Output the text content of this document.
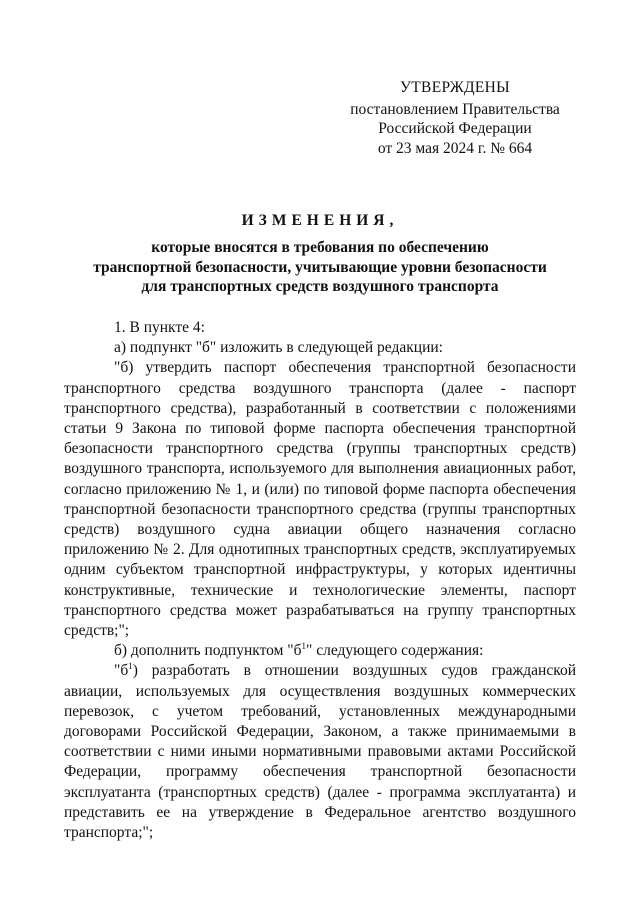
УТВЕРЖДЕНЫ
постановлением Правительства
Российской Федерации
от 23 мая 2024 г. № 664
ИЗМЕНЕНИЯ,
которые вносятся в требования по обеспечению
транспортной безопасности, учитывающие уровни безопасности
для транспортных средств воздушного транспорта

1. В пункте 4:

а) подпункт "б" изложить в следующей редакции:

"б) утвердить паспорт обеспечения транспортной безопасности транспортного средства воздушного транспорта (далее - паспорт транспортного средства), разработанный в соответствии с положениями статьи 9 Закона по типовой форме паспорта обеспечения транспортной безопасности транспортного средства (группы транспортных средств) воздушного транспорта, используемого для выполнения авиационных работ, согласно приложению № 1, и (или) по типовой форме паспорта обеспечения транспортной безопасности транспортного средства (группы транспортных средств) воздушного судна авиации общего назначения согласно приложению № 2. Для однотипных транспортных средств, эксплуатируемых одним субъектом транспортной инфраструктуры, у которых идентичны конструктивные, технические и технологические элементы, паспорт транспортного средства может разрабатываться на группу транспортных средств;";

б) дополнить подпунктом "$б^1$" следующего содержания:

"$б^1$) разработать в отношении воздушных судов гражданской авиации, используемых для осуществления воздушных коммерческих перевозок, с учетом требований, установленных международными договорами Российской Федерации, Законом, а также принимаемыми в соответствии с ними иными нормативными правовыми актами Российской Федерации, программу обеспечения транспортной безопасности эксплуатанта (транспортных средств) (далее - программа эксплуатанта) и представить ее на утверждение в Федеральное агентство воздушного транспорта;";
